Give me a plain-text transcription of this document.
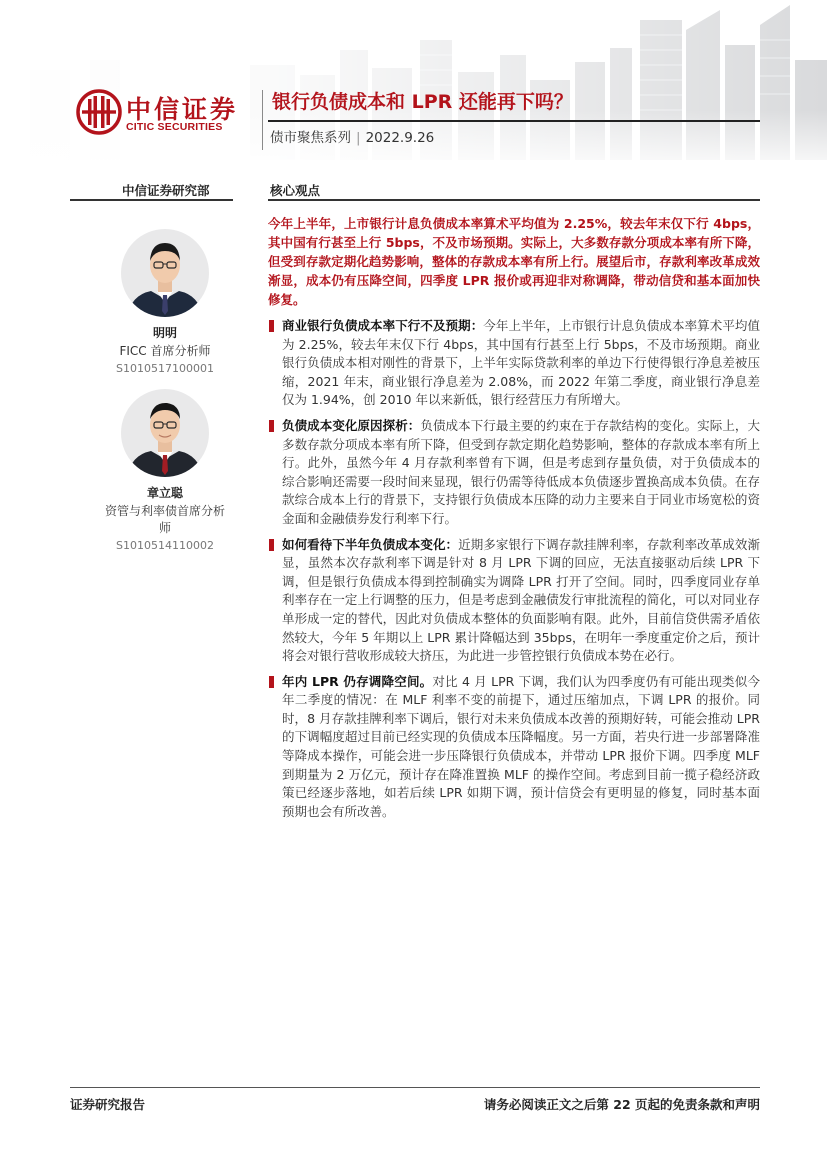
中信证券
CITIC SECURITIES
银行负债成本和 LPR 还能再下吗？
债市聚焦系列 | 2022.9.26
中信证券研究部	核心观点
明明
FICC 首席分析师
S1010517100001
章立聪
资管与利率债首席分析师
S1010514110002
今年上半年，上市银行计息负债成本率算术平均值为 2.25%，较去年末仅下行 4bps，其中国有行甚至上行 5bps，不及市场预期。实际上，大多数存款分项成本率有所下降，但受到存款定期化趋势影响，整体的存款成本率有所上行。展望后市，存款利率改革成效渐显，成本仍有压降空间，四季度 LPR 报价或再迎非对称调降，带动信贷和基本面加快修复。
商业银行负债成本率下行不及预期：今年上半年，上市银行计息负债成本率算术平均值为 2.25%，较去年末仅下行 4bps，其中国有行甚至上行 5bps，不及市场预期。商业银行负债成本相对刚性的背景下，上半年实际贷款利率的单边下行使得银行净息差被压缩，2021 年末，商业银行净息差为 2.08%，而 2022 年第二季度，商业银行净息差仅为 1.94%，创 2010 年以来新低，银行经营压力有所增大。
负债成本变化原因探析：负债成本下行最主要的约束在于存款结构的变化。实际上，大多数存款分项成本率有所下降，但受到存款定期化趋势影响，整体的存款成本率有所上行。此外，虽然今年 4 月存款利率曾有下调，但是考虑到存量负债，对于负债成本的综合影响还需要一段时间来显现，银行仍需等待低成本负债逐步置换高成本负债。在存款综合成本上行的背景下，支持银行负债成本压降的动力主要来自于同业市场宽松的资金面和金融债券发行利率下行。
如何看待下半年负债成本变化：近期多家银行下调存款挂牌利率，存款利率改革成效渐显，虽然本次存款利率下调是针对 8 月 LPR 下调的回应，无法直接驱动后续 LPR 下调，但是银行负债成本得到控制确实为调降 LPR 打开了空间。同时，四季度同业存单利率存在一定上行调整的压力，但是考虑到金融债发行审批流程的简化，可以对同业存单形成一定的替代，因此对负债成本整体的负面影响有限。此外，目前信贷供需矛盾依然较大，今年 5 年期以上 LPR 累计降幅达到 35bps，在明年一季度重定价之后，预计将会对银行营收形成较大挤压，为此进一步管控银行负债成本势在必行。
年内 LPR 仍存调降空间。对比 4 月 LPR 下调，我们认为四季度仍有可能出现类似今年二季度的情况：在 MLF 利率不变的前提下，通过压缩加点，下调 LPR 的报价。同时，8 月存款挂牌利率下调后，银行对未来负债成本改善的预期好转，可能会推动 LPR 的下调幅度超过目前已经实现的负债成本压降幅度。另一方面，若央行进一步部署降准等降成本操作，可能会进一步压降银行负债成本，并带动 LPR 报价下调。四季度 MLF 到期量为 2 万亿元，预计存在降准置换 MLF 的操作空间。考虑到目前一揽子稳经济政策已经逐步落地，如若后续 LPR 如期下调，预计信贷会有更明显的修复，同时基本面预期也会有所改善。
证券研究报告	请务必阅读正文之后第 22 页起的免责条款和声明
